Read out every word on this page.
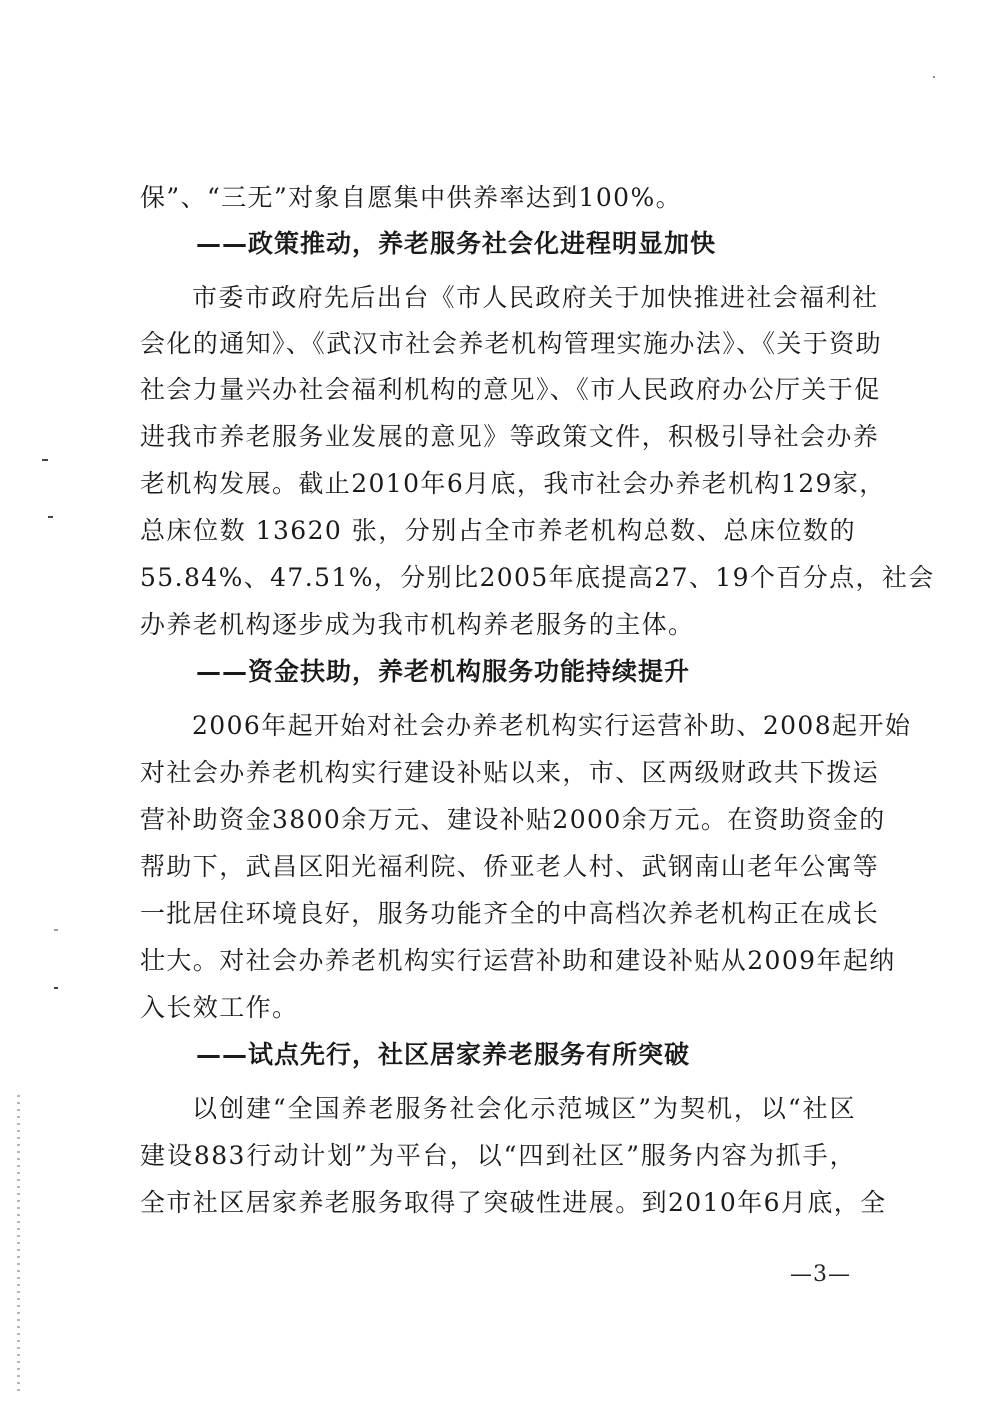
保”、“三无”对象自愿集中供养率达到100%。
——政策推动，养老服务社会化进程明显加快
市委市政府先后出台《市人民政府关于加快推进社会福利社
会化的通知》、《武汉市社会养老机构管理实施办法》、《关于资助
社会力量兴办社会福利机构的意见》、《市人民政府办公厅关于促
进我市养老服务业发展的意见》等政策文件，积极引导社会办养
老机构发展。截止2010年6月底，我市社会办养老机构129家，
总床位数 13620 张，分别占全市养老机构总数、总床位数的
55.84%、47.51%，分别比2005年底提高27、19个百分点，社会
办养老机构逐步成为我市机构养老服务的主体。
——资金扶助，养老机构服务功能持续提升
2006年起开始对社会办养老机构实行运营补助、2008起开始
对社会办养老机构实行建设补贴以来，市、区两级财政共下拨运
营补助资金3800余万元、建设补贴2000余万元。在资助资金的
帮助下，武昌区阳光福利院、侨亚老人村、武钢南山老年公寓等
一批居住环境良好，服务功能齐全的中高档次养老机构正在成长
壮大。对社会办养老机构实行运营补助和建设补贴从2009年起纳
入长效工作。
——试点先行，社区居家养老服务有所突破
以创建“全国养老服务社会化示范城区”为契机，以“社区
建设883行动计划”为平台，以“四到社区”服务内容为抓手，
全市社区居家养老服务取得了突破性进展。到2010年6月底，全
—3—
